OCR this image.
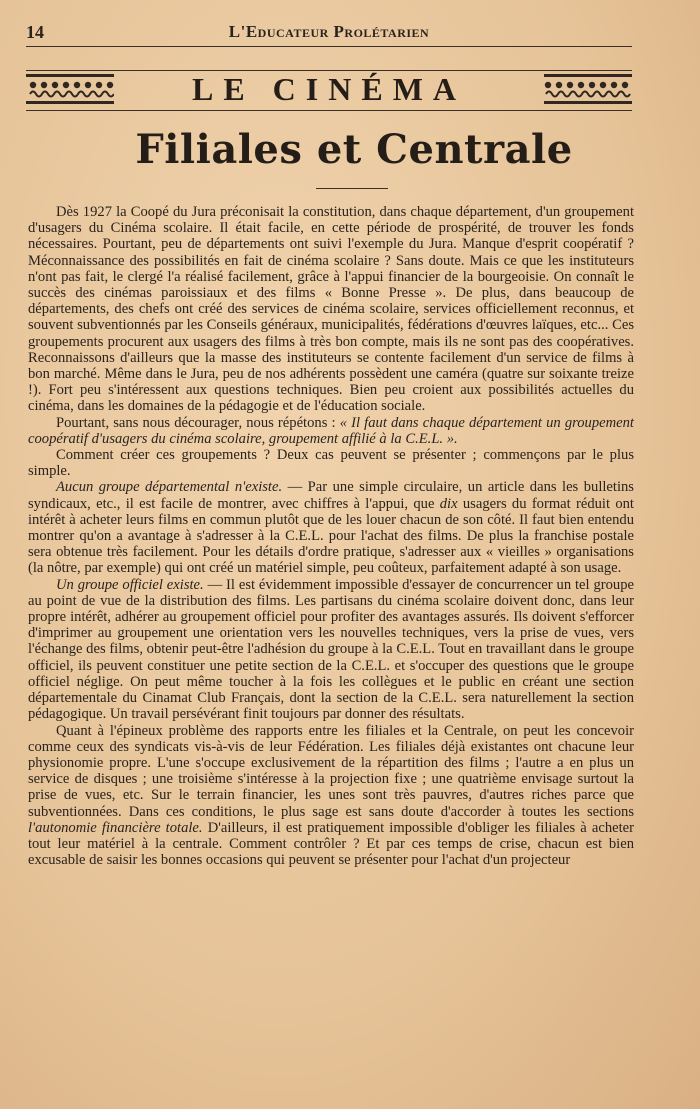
14	L'Educateur Prolétarien
LE CINÉMA
Filiales et Centrale

Dès 1927 la Coopé du Jura préconisait la constitution, dans chaque département, d'un groupement d'usagers du Cinéma scolaire. Il était facile, en cette période de prospérité, de trouver les fonds nécessaires. Pourtant, peu de départements ont suivi l'exemple du Jura. Manque d'esprit coopératif ? Méconnaissance des possibilités en fait de cinéma scolaire ? Sans doute. Mais ce que les instituteurs n'ont pas fait, le clergé l'a réalisé facilement, grâce à l'appui financier de la bourgeoisie. On connaît le succès des cinémas paroissiaux et des films « Bonne Presse ». De plus, dans beaucoup de départements, des chefs ont créé des services de cinéma scolaire, services officiellement reconnus, et souvent subventionnés par les Conseils généraux, municipalités, fédérations d'œuvres laïques, etc... Ces groupements procurent aux usagers des films à très bon compte, mais ils ne sont pas des coopératives. Reconnaissons d'ailleurs que la masse des instituteurs se contente facilement d'un service de films à bon marché. Même dans le Jura, peu de nos adhérents possèdent une caméra (quatre sur soixante treize !). Fort peu s'intéressent aux questions techniques. Bien peu croient aux possibilités actuelles du cinéma, dans les domaines de la pédagogie et de l'éducation sociale.

Pourtant, sans nous décourager, nous répétons : « Il faut dans chaque département un groupement coopératif d'usagers du cinéma scolaire, groupement affilié à la C.E.L. ».

Comment créer ces groupements ? Deux cas peuvent se présenter ; commençons par le plus simple.

Aucun groupe départemental n'existe. — Par une simple circulaire, un article dans les bulletins syndicaux, etc., il est facile de montrer, avec chiffres à l'appui, que dix usagers du format réduit ont intérêt à acheter leurs films en commun plutôt que de les louer chacun de son côté. Il faut bien entendu montrer qu'on a avantage à s'adresser à la C.E.L. pour l'achat des films. De plus la franchise postale sera obtenue très facilement. Pour les détails d'ordre pratique, s'adresser aux « vieilles » organisations (la nôtre, par exemple) qui ont créé un matériel simple, peu coûteux, parfaitement adapté à son usage.

Un groupe officiel existe. — Il est évidemment impossible d'essayer de concurrencer un tel groupe au point de vue de la distribution des films. Les partisans du cinéma scolaire doivent donc, dans leur propre intérêt, adhérer au groupement officiel pour profiter des avantages assurés. Ils doivent s'efforcer d'imprimer au groupement une orientation vers les nouvelles techniques, vers la prise de vues, vers l'échange des films, obtenir peut-être l'adhésion du groupe à la C.E.L. Tout en travaillant dans le groupe officiel, ils peuvent constituer une petite section de la C.E.L. et s'occuper des questions que le groupe officiel néglige. On peut même toucher à la fois les collègues et le public en créant une section départementale du Cinamat Club Français, dont la section de la C.E.L. sera naturellement la section pédagogique. Un travail persévérant finit toujours par donner des résultats.

Quant à l'épineux problème des rapports entre les filiales et la Centrale, on peut les concevoir comme ceux des syndicats vis-à-vis de leur Fédération. Les filiales déjà existantes ont chacune leur physionomie propre. L'une s'occupe exclusivement de la répartition des films ; l'autre a en plus un service de disques ; une troisième s'intéresse à la projection fixe ; une quatrième envisage surtout la prise de vues, etc. Sur le terrain financier, les unes sont très pauvres, d'autres riches parce que subventionnées. Dans ces conditions, le plus sage est sans doute d'accorder à toutes les sections l'autonomie financière totale. D'ailleurs, il est pratiquement impossible d'obliger les filiales à acheter tout leur matériel à la centrale. Comment contrôler ? Et par ces temps de crise, chacun est bien excusable de saisir les bonnes occasions qui peuvent se présenter pour l'achat d'un projecteur
